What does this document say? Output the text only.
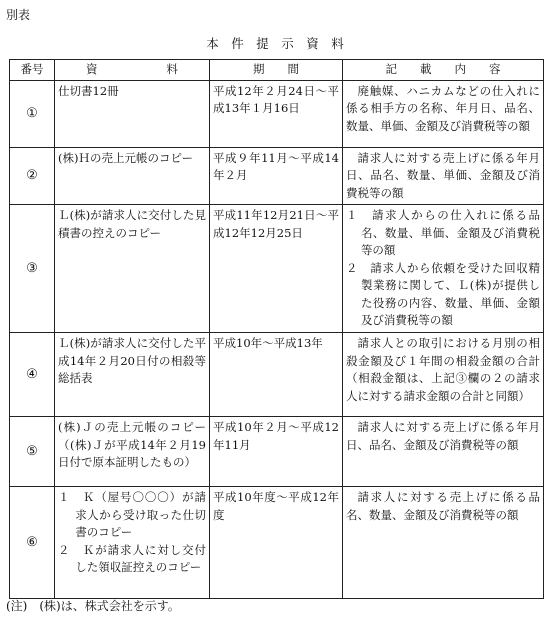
別表
本　件　提　示　資　料
番号	資　　　　　　料	期　　間	記　　載　　内　　容
①	仕切書12冊	平成12年２月24日～平成13年１月16日	廃触媒、ハニカムなどの仕入れに係る相手方の名称、年月日、品名、数量、単価、金額及び消費税等の額
②	(株)Ｈの売上元帳のコピー	平成９年11月～平成14年２月	請求人に対する売上げに係る年月日、品名、数量、単価、金額及び消費税等の額
③	Ｌ(株)が請求人に交付した見積書の控えのコピー	平成11年12月21日～平成12年12月25日	１　請求人からの仕入れに係る品名、数量、単価、金額及び消費税等の額
２　請求人から依頼を受けた回収精製業務に関して、Ｌ(株)が提供した役務の内容、数量、単価、金額及び消費税等の額

④	Ｌ(株)が請求人に交付した平成14年２月20日付の相殺等総括表	平成10年～平成13年	請求人との取引における月別の相殺金額及び１年間の相殺金額の合計（相殺金額は、上記③欄の２の請求人に対する請求金額の合計と同額）
⑤	(株)Ｊの売上元帳のコピー（(株)Ｊが平成14年２月19日付で原本証明したもの）	平成10年２月～平成12年11月	請求人に対する売上げに係る年月日、品名、金額及び消費税等の額
⑥	１　Ｋ（屋号〇〇〇）が請求人から受け取った仕切書のコピー
２　Ｋが請求人に対し交付した領収証控えのコピー	平成10年度～平成12年度	請求人に対する売上げに係る品名、数量、金額及び消費税等の額
(注)　(株)は、株式会社を示す。
